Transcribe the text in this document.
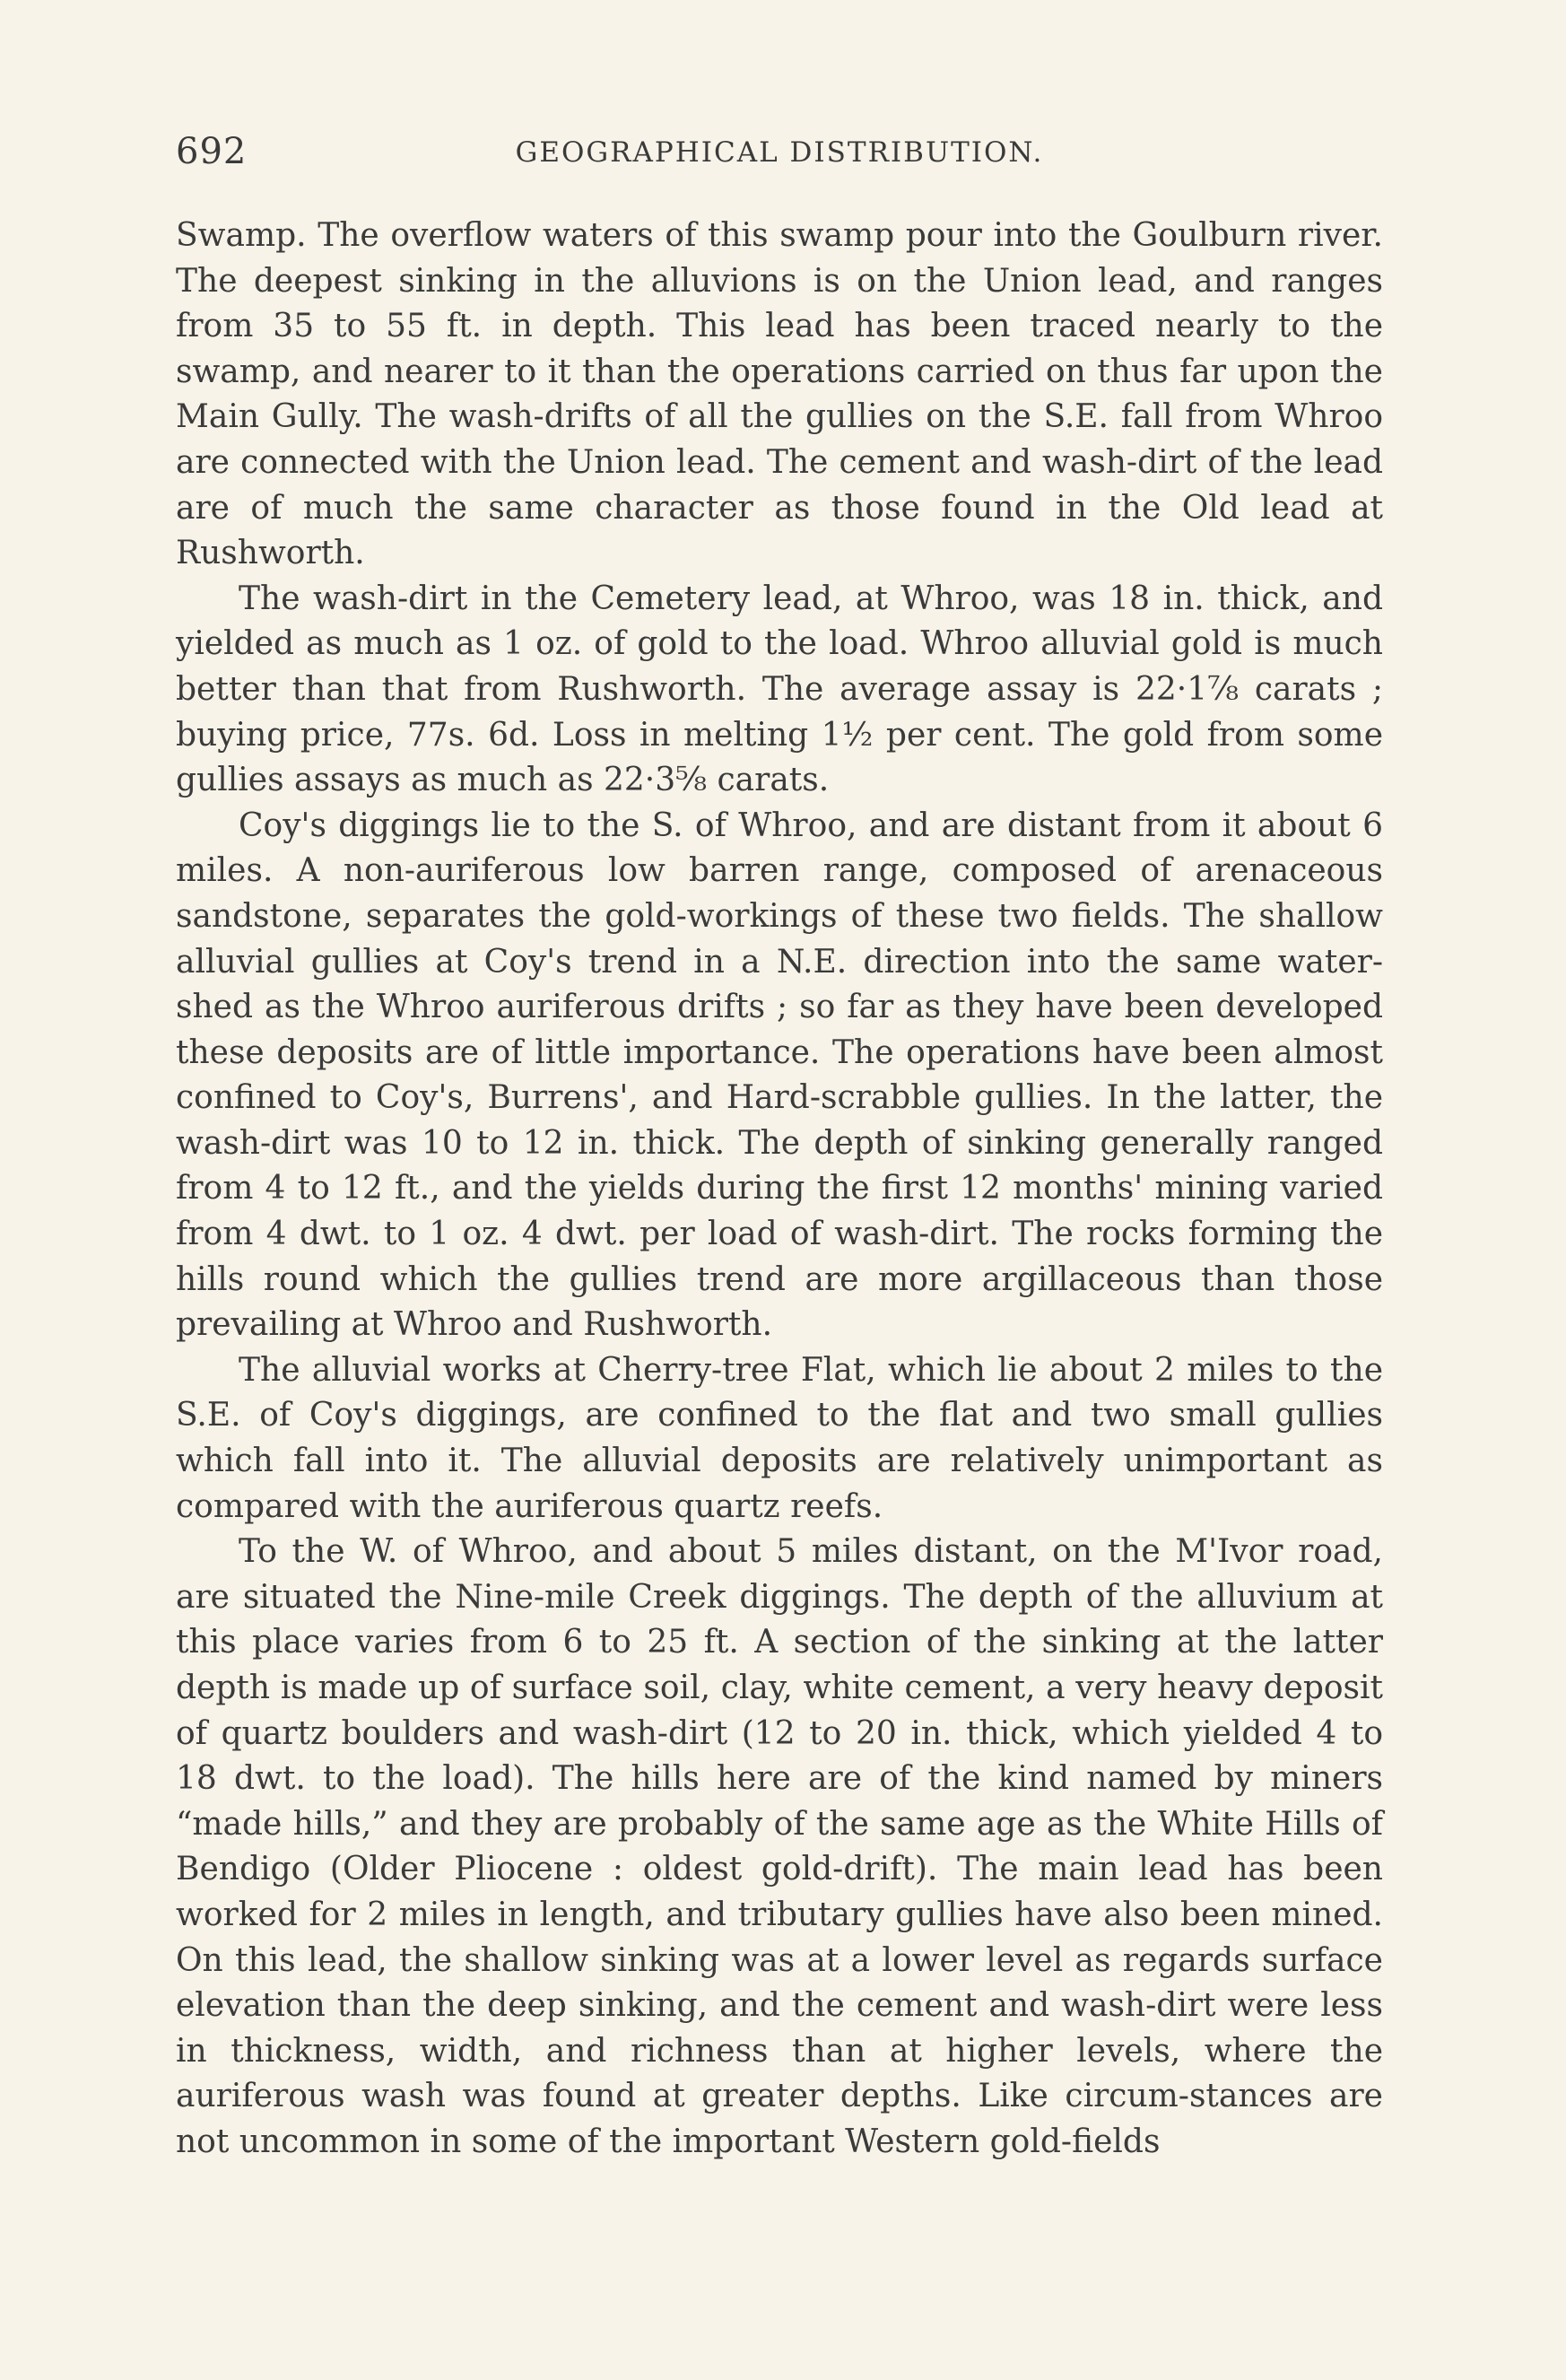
692	GEOGRAPHICAL DISTRIBUTION.

Swamp. The overflow waters of this swamp pour into the Goulburn river. The deepest sinking in the alluvions is on the Union lead, and ranges from 35 to 55 ft. in depth. This lead has been traced nearly to the swamp, and nearer to it than the operations carried on thus far upon the Main Gully. The wash-drifts of all the gullies on the S.E. fall from Whroo are connected with the Union lead. The cement and wash-dirt of the lead are of much the same character as those found in the Old lead at Rushworth.

The wash-dirt in the Cemetery lead, at Whroo, was 18 in. thick, and yielded as much as 1 oz. of gold to the load. Whroo alluvial gold is much better than that from Rushworth. The average assay is 22·1⅞ carats ; buying price, 77s. 6d. Loss in melting 1½ per cent. The gold from some gullies assays as much as 22·3⅝ carats.

Coy's diggings lie to the S. of Whroo, and are distant from it about 6 miles. A non-auriferous low barren range, composed of arenaceous sandstone, separates the gold-workings of these two fields. The shallow alluvial gullies at Coy's trend in a N.E. direction into the same water-shed as the Whroo auriferous drifts ; so far as they have been developed these deposits are of little importance. The operations have been almost confined to Coy's, Burrens', and Hard-scrabble gullies. In the latter, the wash-dirt was 10 to 12 in. thick. The depth of sinking generally ranged from 4 to 12 ft., and the yields during the first 12 months' mining varied from 4 dwt. to 1 oz. 4 dwt. per load of wash-dirt. The rocks forming the hills round which the gullies trend are more argillaceous than those prevailing at Whroo and Rushworth.

The alluvial works at Cherry-tree Flat, which lie about 2 miles to the S.E. of Coy's diggings, are confined to the flat and two small gullies which fall into it. The alluvial deposits are relatively unimportant as compared with the auriferous quartz reefs.

To the W. of Whroo, and about 5 miles distant, on the M'Ivor road, are situated the Nine-mile Creek diggings. The depth of the alluvium at this place varies from 6 to 25 ft. A section of the sinking at the latter depth is made up of surface soil, clay, white cement, a very heavy deposit of quartz boulders and wash-dirt (12 to 20 in. thick, which yielded 4 to 18 dwt. to the load). The hills here are of the kind named by miners “made hills,” and they are probably of the same age as the White Hills of Bendigo (Older Pliocene : oldest gold-drift). The main lead has been worked for 2 miles in length, and tributary gullies have also been mined. On this lead, the shallow sinking was at a lower level as regards surface elevation than the deep sinking, and the cement and wash-dirt were less in thickness, width, and richness than at higher levels, where the auriferous wash was found at greater depths. Like circum-stances are not uncommon in some of the important Western gold-fields
